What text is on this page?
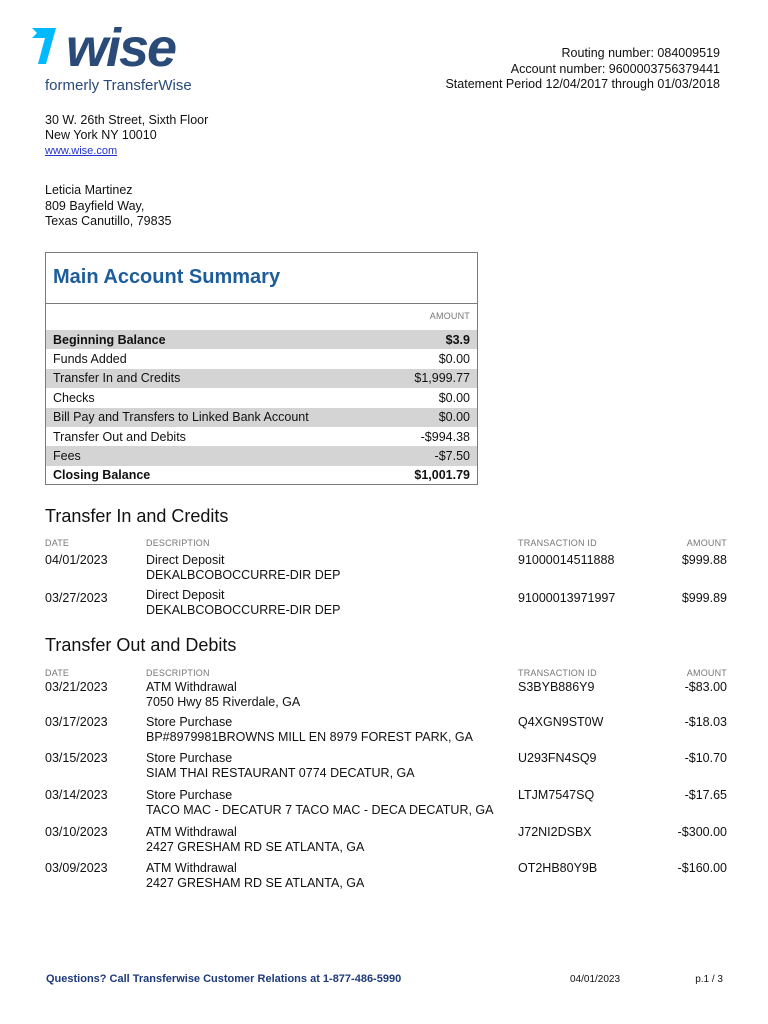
wise
formerly TransferWise
Routing number: 084009519
Account number: 9600003756379441
Statement Period 12/04/2017 through 01/03/2018
30 W. 26th Street, Sixth Floor
New York NY 10010
www.wise.com
Leticia Martinez
809 Bayfield Way,
Texas Canutillo, 79835
Main Account Summary
AMOUNT
Beginning Balance	$3.9
Funds Added	$0.00
Transfer In and Credits	$1,999.77
Checks	$0.00
Bill Pay and Transfers to Linked Bank Account	$0.00
Transfer Out and Debits	-$994.38
Fees	-$7.50
Closing Balance	$1,001.79
Transfer In and Credits
DATE	DESCRIPTION	TRANSACTION ID	AMOUNT
04/01/2023	Direct Deposit
DEKALBCOBOCCURRE-DIR DEP
91000014511888	$999.88
03/27/2023	Direct Deposit
DEKALBCOBOCCURRE-DIR DEP
91000013971997	$999.89
Transfer Out and Debits
DATE	DESCRIPTION	TRANSACTION ID	AMOUNT
03/21/2023	ATM Withdrawal
7050 Hwy 85 Riverdale, GA
S3BYB886Y9	-$83.00
03/17/2023	Store Purchase
BP#8979981BROWNS MILL EN 8979 FOREST PARK, GA
Q4XGN9ST0W	-$18.03
03/15/2023	Store Purchase
SIAM THAI RESTAURANT 0774 DECATUR, GA
U293FN4SQ9	-$10.70
03/14/2023	Store Purchase
TACO MAC - DECATUR 7 TACO MAC - DECA DECATUR, GA
LTJM7547SQ	-$17.65
03/10/2023	ATM Withdrawal
2427 GRESHAM RD SE ATLANTA, GA
J72NI2DSBX	-$300.00
03/09/2023	ATM Withdrawal
2427 GRESHAM RD SE ATLANTA, GA
OT2HB80Y9B	-$160.00
Questions? Call Transferwise Customer Relations at 1-877-486-5990	04/01/2023	p.1 / 3
